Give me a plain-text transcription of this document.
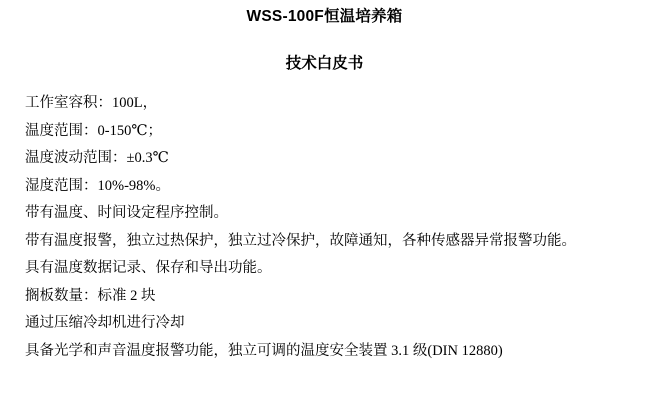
WSS-100F恒温培养箱
技术白皮书

工作室容积：100L，

温度范围：0-150℃；

温度波动范围：±0.3℃

湿度范围：10%-98%。

带有温度、时间设定程序控制。

带有温度报警，独立过热保护，独立过冷保护，故障通知，各种传感器异常报警功能。

具有温度数据记录、保存和导出功能。

搁板数量：标准 2 块

通过压缩冷却机进行冷却

具备光学和声音温度报警功能，独立可调的温度安全装置 3.1 级(DIN 12880)
